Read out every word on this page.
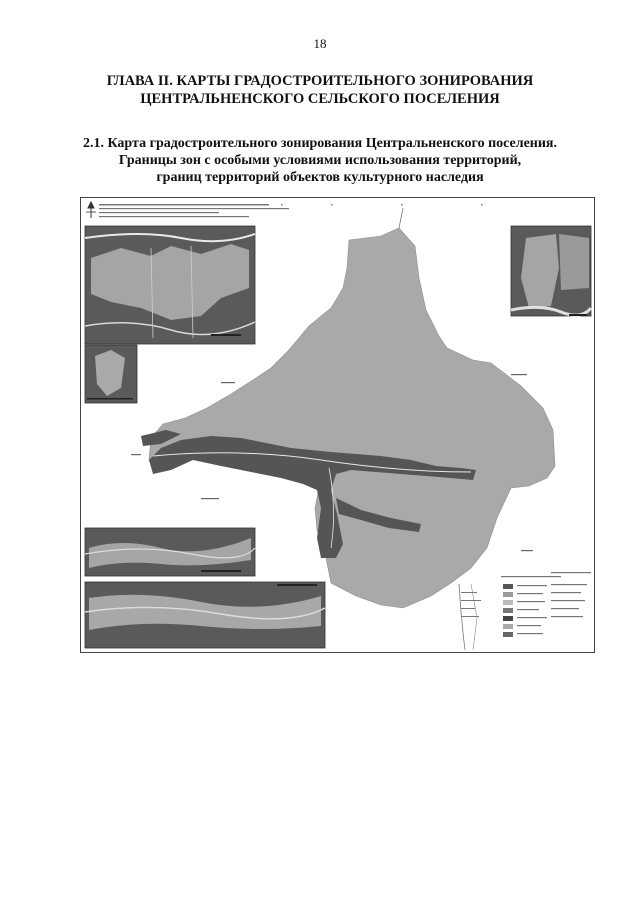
18
ГЛАВА II. КАРТЫ ГРАДОСТРОИТЕЛЬНОГО ЗОНИРОВАНИЯ
ЦЕНТРАЛЬНЕНСКОГО СЕЛЬСКОГО ПОСЕЛЕНИЯ
2.1. Карта градостроительного зонирования Центральненского поселения.
Границы зон с особыми условиями использования территорий,
границ территорий объектов культурного наследия
